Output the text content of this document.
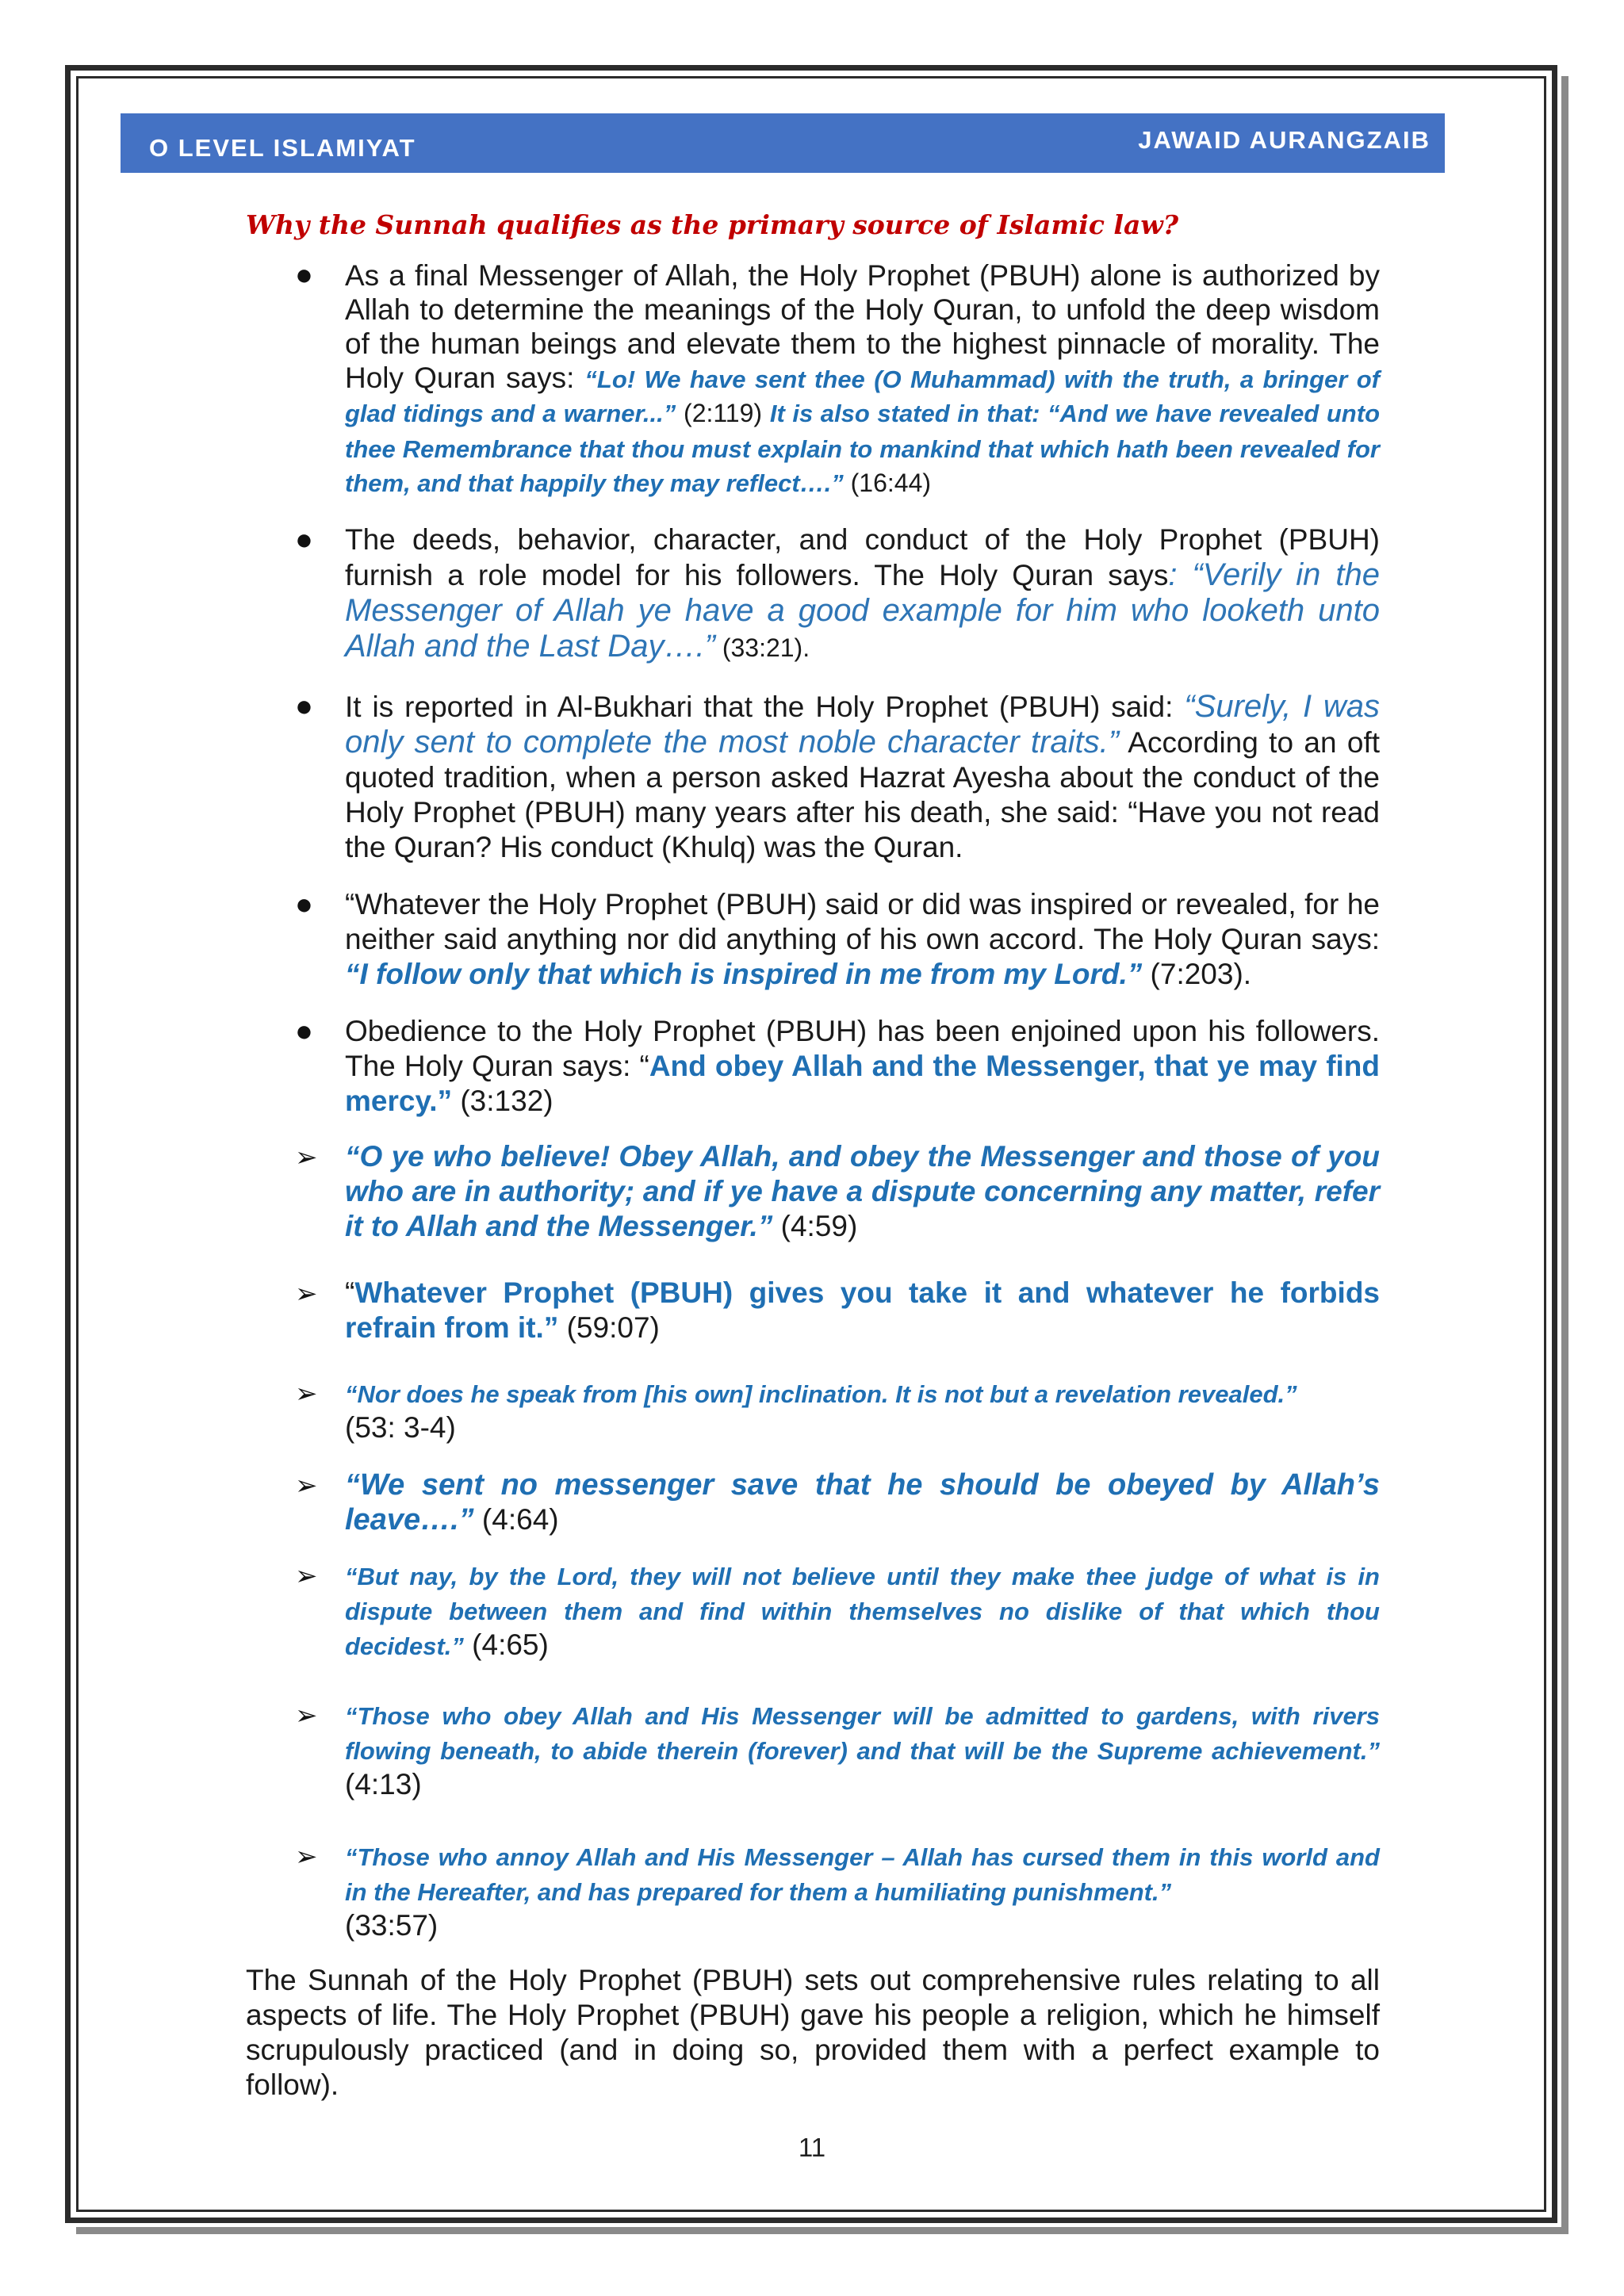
O LEVEL ISLAMIYAT	JAWAID AURANGZAIB
Why the Sunnah qualifies as the primary source of Islamic law?
● As a final Messenger of Allah, the Holy Prophet (PBUH) alone is authorized by Allah to determine the meanings of the Holy Quran, to unfold the deep wisdom of the human beings and elevate them to the highest pinnacle of morality. The Holy Quran says: “Lo! We have sent thee (O Muhammad) with the truth, a bringer of glad tidings and a warner...” (2:119) It is also stated in that: “And we have revealed unto thee Remembrance that thou must explain to mankind that which hath been revealed for them, and that happily they may reflect….” (16:44)
● The deeds, behavior, character, and conduct of the Holy Prophet (PBUH) furnish a role model for his followers. The Holy Quran says: “Verily in the Messenger of Allah ye have a good example for him who looketh unto Allah and the Last Day….” (33:21).
● It is reported in Al-Bukhari that the Holy Prophet (PBUH) said: “Surely, I was only sent to complete the most noble character traits.” According to an oft quoted tradition, when a person asked Hazrat Ayesha about the conduct of the Holy Prophet (PBUH) many years after his death, she said: “Have you not read the Quran? His conduct (Khulq) was the Quran.
● “Whatever the Holy Prophet (PBUH) said or did was inspired or revealed, for he neither said anything nor did anything of his own accord. The Holy Quran says: “I follow only that which is inspired in me from my Lord.” (7:203).
● Obedience to the Holy Prophet (PBUH) has been enjoined upon his followers. The Holy Quran says: “And obey Allah and the Messenger, that ye may find mercy.” (3:132)
➢ “O ye who believe! Obey Allah, and obey the Messenger and those of you who are in authority; and if ye have a dispute concerning any matter, refer it to Allah and the Messenger.” (4:59)
➢ “Whatever Prophet (PBUH) gives you take it and whatever he forbids refrain from it.” (59:07)
➢ “Nor does he speak from [his own] inclination. It is not but a revelation revealed.”
(53: 3-4)
➢ “We sent no messenger save that he should be obeyed by Allah’s leave….” (4:64)
➢ “But nay, by the Lord, they will not believe until they make thee judge of what is in dispute between them and find within themselves no dislike of that which thou decidest.” (4:65)
➢ “Those who obey Allah and His Messenger will be admitted to gardens, with rivers flowing beneath, to abide therein (forever) and that will be the Supreme achievement.” (4:13)
➢ “Those who annoy Allah and His Messenger – Allah has cursed them in this world and in the Hereafter, and has prepared for them a humiliating punishment.”
(33:57)
The Sunnah of the Holy Prophet (PBUH) sets out comprehensive rules relating to all aspects of life. The Holy Prophet (PBUH) gave his people a religion, which he himself scrupulously practiced (and in doing so, provided them with a perfect example to follow).
11
